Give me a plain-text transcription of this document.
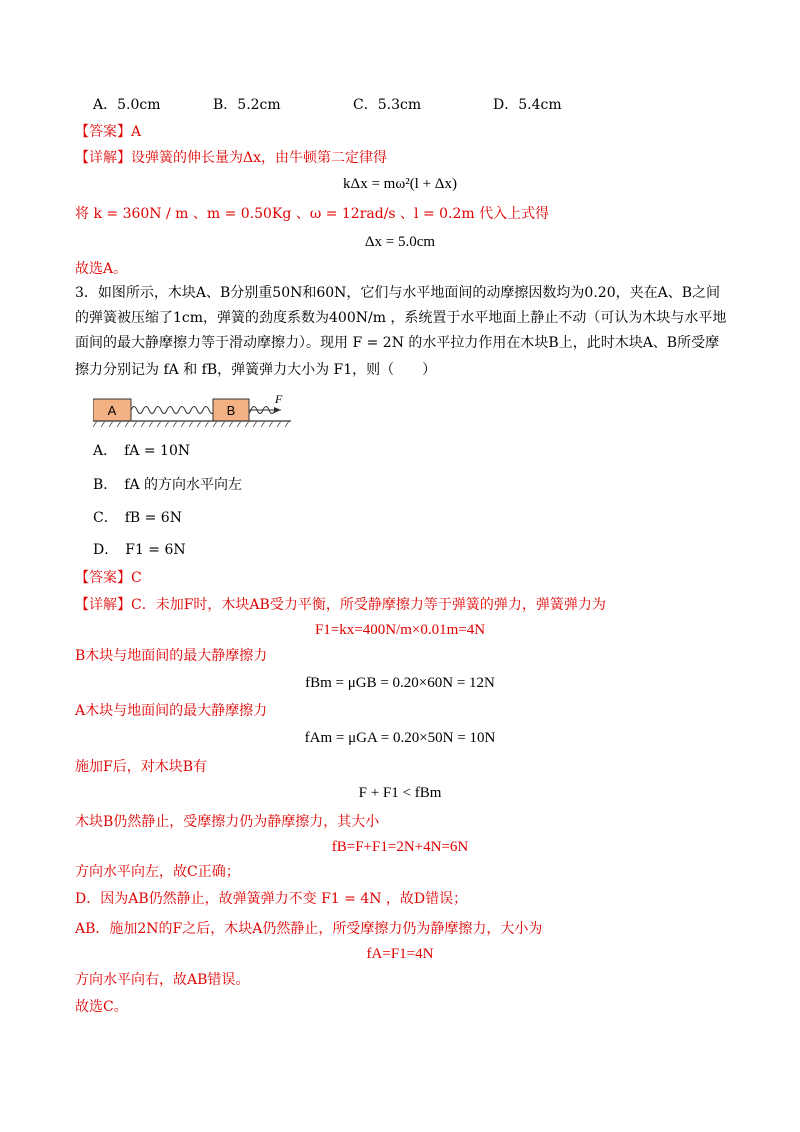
A．5.0cm	B．5.2cm	C．5.3cm	D．5.4cm
【答案】A
【详解】设弹簧的伸长量为Δx，由牛顿第二定律得
kΔx = mω²(l + Δx)
将 k = 360N / m 、m = 0.50Kg 、ω = 12rad/s 、l = 0.2m 代入上式得
Δx = 5.0cm
故选A。
3．如图所示，木块A、B分别重50N和60N，它们与水平地面间的动摩擦因数均为0.20，夹在A、B之间
的弹簧被压缩了1cm，弹簧的劲度系数为400N/m ，系统置于水平地面上静止不动（可认为木块与水平地
面间的最大静摩擦力等于滑动摩擦力）。现用 F = 2N 的水平拉力作用在木块B上，此时木块A、B所受摩
擦力分别记为 fA 和 fB，弹簧弹力大小为 F1，则（　　）
A	B
F
A．　fA = 10N
B．　fA 的方向水平向左
C．　fB = 6N
D．　F1 = 6N
【答案】C
【详解】C．未加F时，木块AB受力平衡，所受静摩擦力等于弹簧的弹力，弹簧弹力为
F1=kx=400N/m×0.01m=4N
B木块与地面间的最大静摩擦力
fBm = μGB = 0.20×60N = 12N
A木块与地面间的最大静摩擦力
fAm = μGA = 0.20×50N = 10N
施加F后，对木块B有
F + F1 < fBm
木块B仍然静止，受摩擦力仍为静摩擦力，其大小
fB=F+F1=2N+4N=6N
方向水平向左，故C正确；
D．因为AB仍然静止，故弹簧弹力不变 F1 = 4N ，故D错误；
AB．施加2N的F之后，木块A仍然静止，所受摩擦力仍为静摩擦力，大小为
fA=F1=4N
方向水平向右，故AB错误。
故选C。
